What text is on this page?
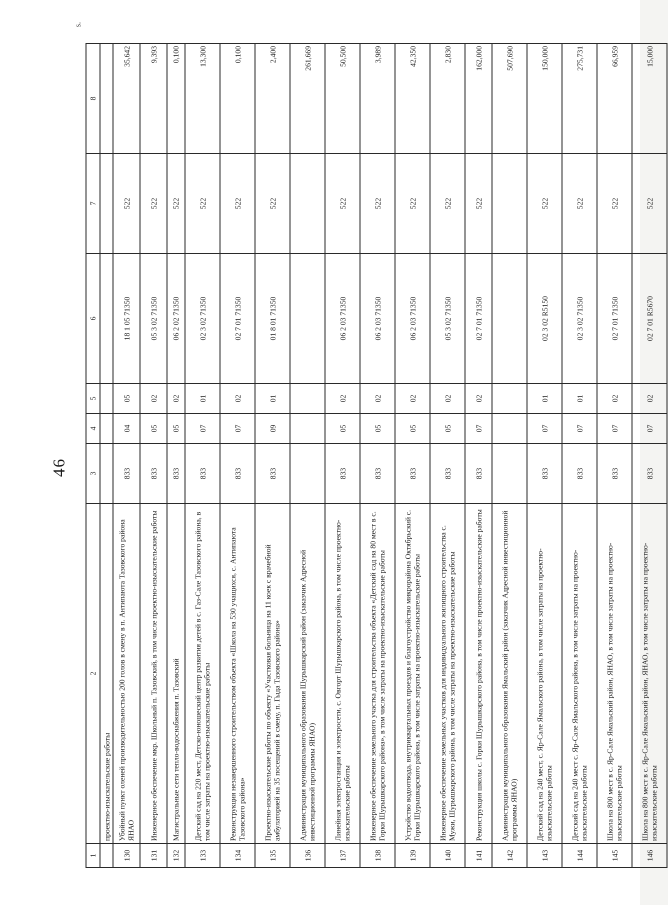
46
s.
1	2	3	4	5	6	7	8
	проектно-изыскательские работы						
130	Убойный пункт оленей производительностью 200 голов в смену в п. Антипаюта Тазовского района ЯНАО	833	04	05	18 1 05 71350	522	35,642
131	Инженерное обеспечение мкр. Школьный п. Тазовский, в том числе проектно-изыскательские работы	833	05	02	05 3 02 71350	522	9,393
132	Магистральные сети тепло-водоснабжения п. Тазовский	833	05	02	06 2 02 71350	522	0,100
133	Детский сад на 220 мест, Детско-юношеский центр развития детей в с. Газ-Сале Тазовского района, в том числе затраты на проектно-изыскательские работы	833	07	01	02 3 02 71350	522	13,300
134	Реконструкция незавершенного строительством объекта «Школа на 530 учащихся, с. Антипаюта Тазовского района»	833	07	02	02 7 01 71350	522	0,100
135	Проектно-изыскательские работы по объекту «Участковая больница на 11 коек с врачебной амбулаторией на 35 посещений в смену, п. Гыда Тазовского района»	833	09	01	01 8 01 71350	522	2,400
136	Администрация муниципального образования Шурышкарский район (заказчик Адресной инвестиционной программы ЯНАО)						261,669
137	Линейная электростанция и электросети, с. Овгорт Шурышкарского района, в том числе проектно-изыскательские работы	833	05	02	06 2 03 71350	522	50,500
138	Инженерное обеспечение земельного участка для строительства объекта «Детский сад на 80 мест в с. Горки Шурышкарского района», в том числе затраты на проектно-изыскательские работы	833	05	02	06 2 03 71350	522	3,989
139	Устройство водоотвода, внутриквартальных проездов и благоустройство микрорайона Октябрьский с. Горки Шурышкарского района, в том числе затраты на проектно-изыскательские работы	833	05	02	06 2 03 71350	522	42,350
140	Инженерное обеспечение земельных участков для индивидуального жилищного строительства с. Мужи, Шурышкарского района, в том числе затраты на проектно-изыскательские работы	833	05	02	05 3 02 71350	522	2,830
141	Реконструкция школы с. Горки Шурышкарского района, в том числе проектно-изыскательские работы	833	07	02	02 7 01 71350	522	162,000
142	Администрация муниципального образования Ямальский район (заказчик Адресной инвестиционной программы ЯНАО)						507,690
143	Детский сад на 240 мест, с. Яр-Сале Ямальского района, в том числе затраты на проектно-изыскательские работы	833	07	01	02 3 02 R5150	522	150,000
144	Детский сад на 240 мест с. Яр-Сале Ямальского района, в том числе затраты на проектно-изыскательские работы	833	07	01	02 3 02 71350	522	275,731
145	Школа на 800 мест в с. Яр-Сале Ямальский район, ЯНАО, в том числе затраты на проектно-изыскательские работы	833	07	02	02 7 01 71350	522	66,959
146	Школа на 800 мест в с. Яр-Сале Ямальский район, ЯНАО, в том числе затраты на проектно-изыскательские работы	833	07	02	02 7 01 R5670	522	15,000
